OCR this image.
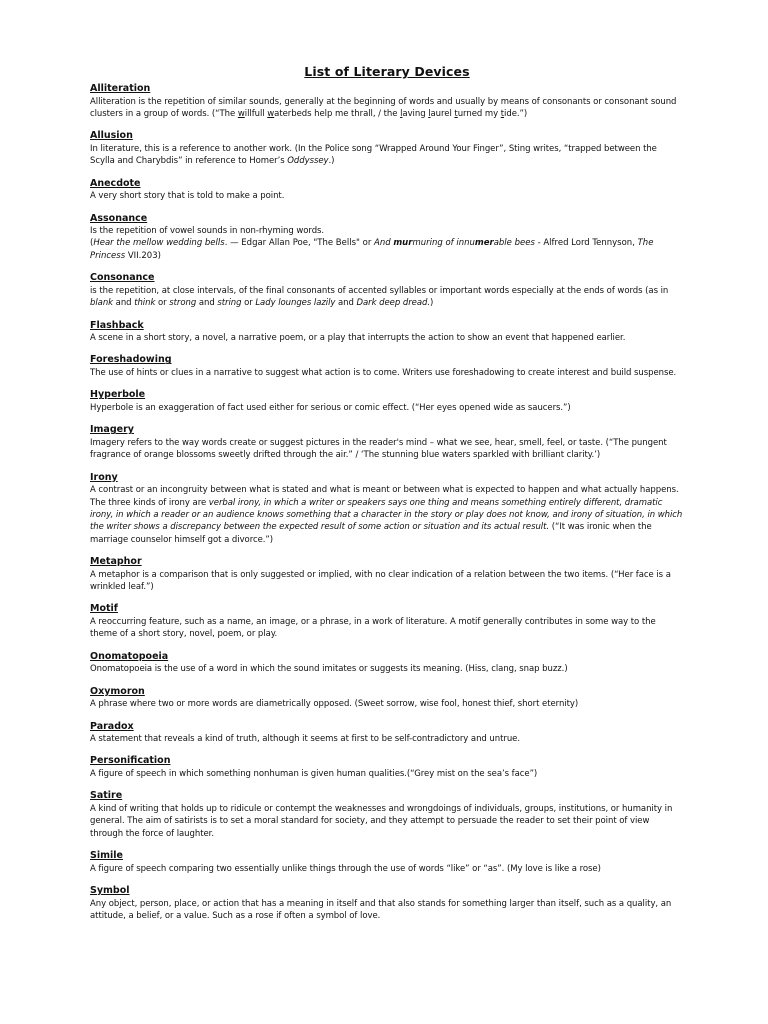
List of Literary Devices
Alliteration
Alliteration is the repetition of similar sounds, generally at the beginning of words and usually by means of consonants or consonant sound clusters in a group of words. (“The willfull waterbeds help me thrall, / the laving laurel turned my tide.”)
Allusion
In literature, this is a reference to another work. (In the Police song “Wrapped Around Your Finger”, Sting writes, “trapped between the Scylla and Charybdis” in reference to Homer’s Oddyssey.)
Anecdote
A very short story that is told to make a point.
Assonance
Is the repetition of vowel sounds in non-rhyming words.
(Hear the mellow wedding bells. — Edgar Allan Poe, "The Bells" or And murmuring of innumerable bees - Alfred Lord Tennyson, The Princess VII.203)
Consonance
is the repetition, at close intervals, of the final consonants of accented syllables or important words especially at the ends of words (as in blank and think or strong and string or Lady lounges lazily and Dark deep dread.)
Flashback
A scene in a short story, a novel, a narrative poem, or a play that interrupts the action to show an event that happened earlier.
Foreshadowing
The use of hints or clues in a narrative to suggest what action is to come. Writers use foreshadowing to create interest and build suspense.
Hyperbole
Hyperbole is an exaggeration of fact used either for serious or comic effect. (“Her eyes opened wide as saucers.”)
Imagery
Imagery refers to the way words create or suggest pictures in the reader's mind – what we see, hear, smell, feel, or taste. (“The pungent fragrance of orange blossoms sweetly drifted through the air.” / ‘The stunning blue waters sparkled with brilliant clarity.’)
Irony
A contrast or an incongruity between what is stated and what is meant or between what is expected to happen and what actually happens. The three kinds of irony are verbal irony, in which a writer or speakers says one thing and means something entirely different, dramatic irony, in which a reader or an audience knows something that a character in the story or play does not know, and irony of situation, in which the writer shows a discrepancy between the expected result of some action or situation and its actual result. (“It was ironic when the marriage counselor himself got a divorce.”)
Metaphor
A metaphor is a comparison that is only suggested or implied, with no clear indication of a relation between the two items. (“Her face is a wrinkled leaf.”)
Motif
A reoccurring feature, such as a name, an image, or a phrase, in a work of literature. A motif generally contributes in some way to the theme of a short story, novel, poem, or play.
Onomatopoeia
Onomatopoeia is the use of a word in which the sound imitates or suggests its meaning. (Hiss, clang, snap buzz.)
Oxymoron
A phrase where two or more words are diametrically opposed. (Sweet sorrow, wise fool, honest thief, short eternity)
Paradox
A statement that reveals a kind of truth, although it seems at first to be self-contradictory and untrue.
Personification
A figure of speech in which something nonhuman is given human qualities.(“Grey mist on the sea’s face”)
Satire
A kind of writing that holds up to ridicule or contempt the weaknesses and wrongdoings of individuals, groups, institutions, or humanity in general. The aim of satirists is to set a moral standard for society, and they attempt to persuade the reader to set their point of view through the force of laughter.
Simile
A figure of speech comparing two essentially unlike things through the use of words “like” or “as”. (My love is like a rose)
Symbol
Any object, person, place, or action that has a meaning in itself and that also stands for something larger than itself, such as a quality, an attitude, a belief, or a value. Such as a rose if often a symbol of love.
